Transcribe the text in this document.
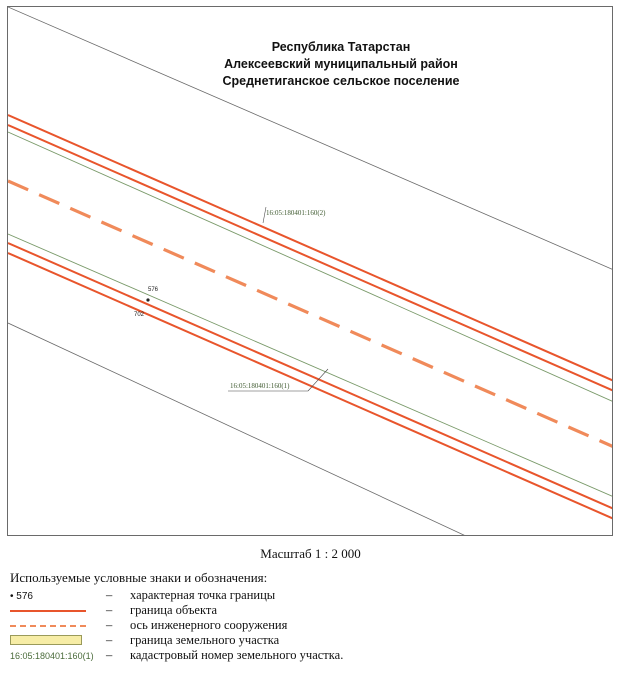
16:05:180401:160(2)
16:05:180401:160(1)
576
702
Республика Татарстан
Алексеевский муниципальный район
Среднетиганское сельское поселение
Масштаб 1 : 2 000
Используемые условные знаки и обозначения:
• 576	– характерная точка границы
– граница объекта
– ось инженерного сооружения
– граница земельного участка
16:05:180401:160(1) – кадастровый номер земельного участка.
